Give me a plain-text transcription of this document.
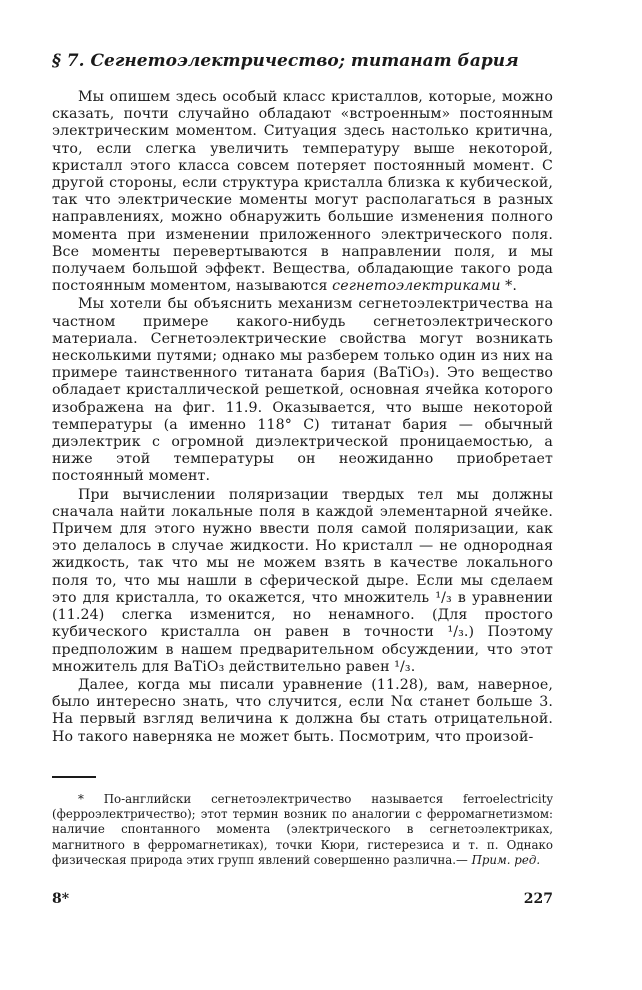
§ 7. Сегнетоэлектричество; титанат бария

Мы опишем здесь особый класс кристаллов, которые, можно сказать, почти случайно обладают «встроенным» постоянным электрическим моментом. Ситуация здесь настолько критична, что, если слегка увеличить температуру выше некоторой, кристалл этого класса совсем потеряет постоянный момент. С другой стороны, если структура кристалла близка к кубической, так что электрические моменты могут располагаться в разных направлениях, можно обнаружить большие изменения полного момента при изменении приложенного электрического поля. Все моменты перевертываются в направлении поля, и мы получаем большой эффект. Вещества, обладающие такого рода постоянным моментом, называются сегнетоэлектриками *.

Мы хотели бы объяснить механизм сегнетоэлектричества на частном примере какого-нибудь сегнетоэлектрического материала. Сегнетоэлектрические свойства могут возникать несколькими путями; однако мы разберем только один из них на примере таинственного титаната бария (BaTiO₃). Это вещество обладает кристаллической решеткой, основная ячейка которого изображена на фиг. 11.9. Оказывается, что выше некоторой температуры (а именно 118° С) титанат бария — обычный диэлектрик с огромной диэлектрической проницаемостью, а ниже этой температуры он неожиданно приобретает постоянный момент.

При вычислении поляризации твердых тел мы должны сначала найти локальные поля в каждой элементарной ячейке. Причем для этого нужно ввести поля самой поляризации, как это делалось в случае жидкости. Но кристалл — не однородная жидкость, так что мы не можем взять в качестве локального поля то, что мы нашли в сферической дыре. Если мы сделаем это для кристалла, то окажется, что множитель ¹/₃ в уравнении (11.24) слегка изменится, но ненамного. (Для простого кубического кристалла он равен в точности ¹/₃.) Поэтому предположим в нашем предварительном обсуждении, что этот множитель для BaTiO₃ действительно равен ¹/₃.

Далее, когда мы писали уравнение (11.28), вам, наверное, было интересно знать, что случится, если Nα станет больше 3. На первый взгляд величина κ должна бы стать отрицательной. Но такого наверняка не может быть. Посмотрим, что произой-

* По-английски сегнетоэлектричество называется ferroelectricity (ферроэлектричество); этот термин возник по аналогии с ферромагнетизмом: наличие спонтанного момента (электрического в сегнетоэлектриках, магнитного в ферромагнетиках), точки Кюри, гистерезиса и т. п. Однако физическая природа этих групп явлений совершенно различна.— Прим. ред.

8*	227
